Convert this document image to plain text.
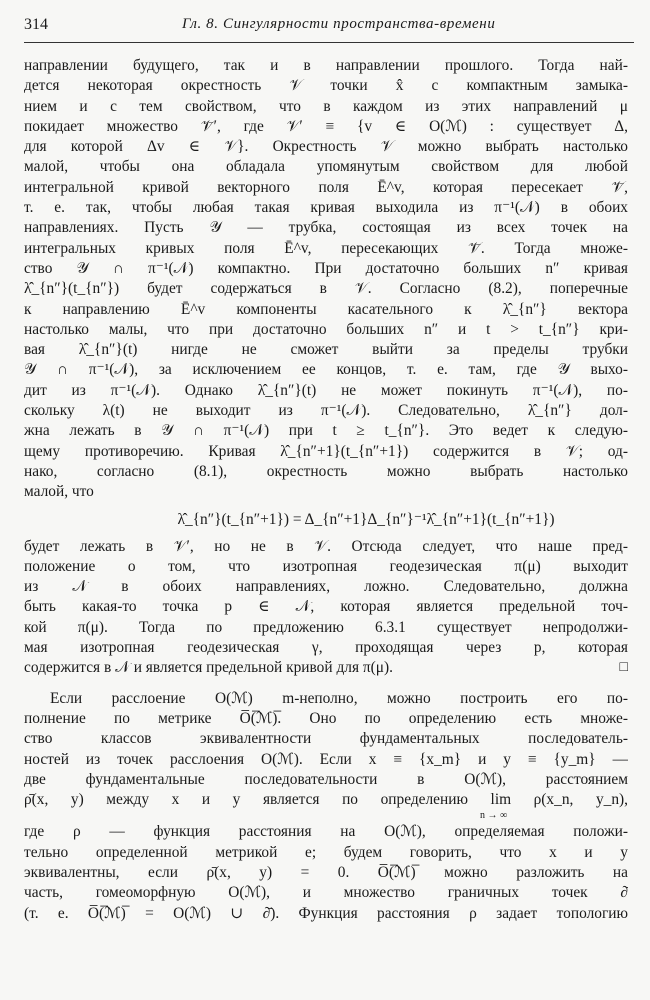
314	Гл. 8. Сингулярности пространства-времени
направлении будущего, так и в направлении прошлого. Тогда най-
дется некоторая окрестность 𝒱 точки x̂ с компактным замыка-
нием и с тем свойством, что в каждом из этих направлений μ
покидает множество 𝒱̄′, где 𝒱′ ≡ {v ∈ O(ℳ) : существует Δ,
для которой Δv ∈ 𝒱}. Окрестность 𝒱 можно выбрать настолько
малой, чтобы она обладала упомянутым свойством для любой
интегральной кривой векторного поля Ē^v, которая пересекает 𝒱̄,
т. е. так, чтобы любая такая кривая выходила из π⁻¹(𝒩) в обоих
направлениях. Пусть 𝒴 — трубка, состоящая из всех точек на
интегральных кривых поля Ē^v, пересекающих 𝒱̄. Тогда множе-
ство 𝒴 ∩ π⁻¹(𝒩) компактно. При достаточно больших n″ кривая
λ̂_{n″}(t_{n″}) будет содержаться в 𝒱. Согласно (8.2), поперечные
к направлению Ē^v компоненты касательного к λ̂_{n″} вектора
настолько малы, что при достаточно больших n″ и t > t_{n″} кри-
вая λ̂_{n″}(t) нигде не сможет выйти за пределы трубки
𝒴 ∩ π⁻¹(𝒩), за исключением ее концов, т. е. там, где 𝒴 выхо-
дит из π⁻¹(𝒩). Однако λ̂_{n″}(t) не может покинуть π⁻¹(𝒩), по-
скольку λ(t) не выходит из π⁻¹(𝒩). Следовательно, λ̂_{n″} дол-
жна лежать в 𝒴 ∩ π⁻¹(𝒩) при t ≥ t_{n″}. Это ведет к следую-
щему противоречию. Кривая λ̂_{n″+1}(t_{n″+1}) содержится в 𝒱; од-
нако, согласно (8.1), окрестность можно выбрать настолько
малой, что
λ̂_{n″}(t_{n″+1}) = Δ_{n″+1}Δ_{n″}⁻¹λ̂_{n″+1}(t_{n″+1})
будет лежать в 𝒱′, но не в 𝒱. Отсюда следует, что наше пред-
положение о том, что изотропная геодезическая π(μ) выходит
из 𝒩 в обоих направлениях, ложно. Следовательно, должна
быть какая-то точка p ∈ 𝒩, которая является предельной точ-
кой π(μ). Тогда по предложению 6.3.1 существует непродолжи-
мая изотропная геодезическая γ, проходящая через p, которая
содержится в 𝒩 и является предельной кривой для π(μ).	□
Если расслоение O(ℳ) m-неполно, можно построить его по-
полнение по метрике O̅(̅ℳ̅)̅. Оно по определению есть множе-
ство классов эквивалентности фундаментальных последователь-
ностей из точек расслоения O(ℳ). Если x ≡ {x_m} и y ≡ {y_m} —
две фундаментальные последовательности в O(ℳ), расстоянием
ρ̄(x, y) между x и y является по определению lim ρ(x_n, y_n),
n → ∞
где ρ — функция расстояния на O(ℳ), определяемая положи-
тельно определенной метрикой e; будем говорить, что x и y
эквивалентны, если ρ̄(x, y) = 0. O̅(̅ℳ̅)̅ можно разложить на
часть, гомеоморфную O(ℳ), и множество граничных точек ∂̄
(т. е. O̅(̅ℳ̅)̅ = O(ℳ) ∪ ∂̄). Функция расстояния ρ задает топологию
